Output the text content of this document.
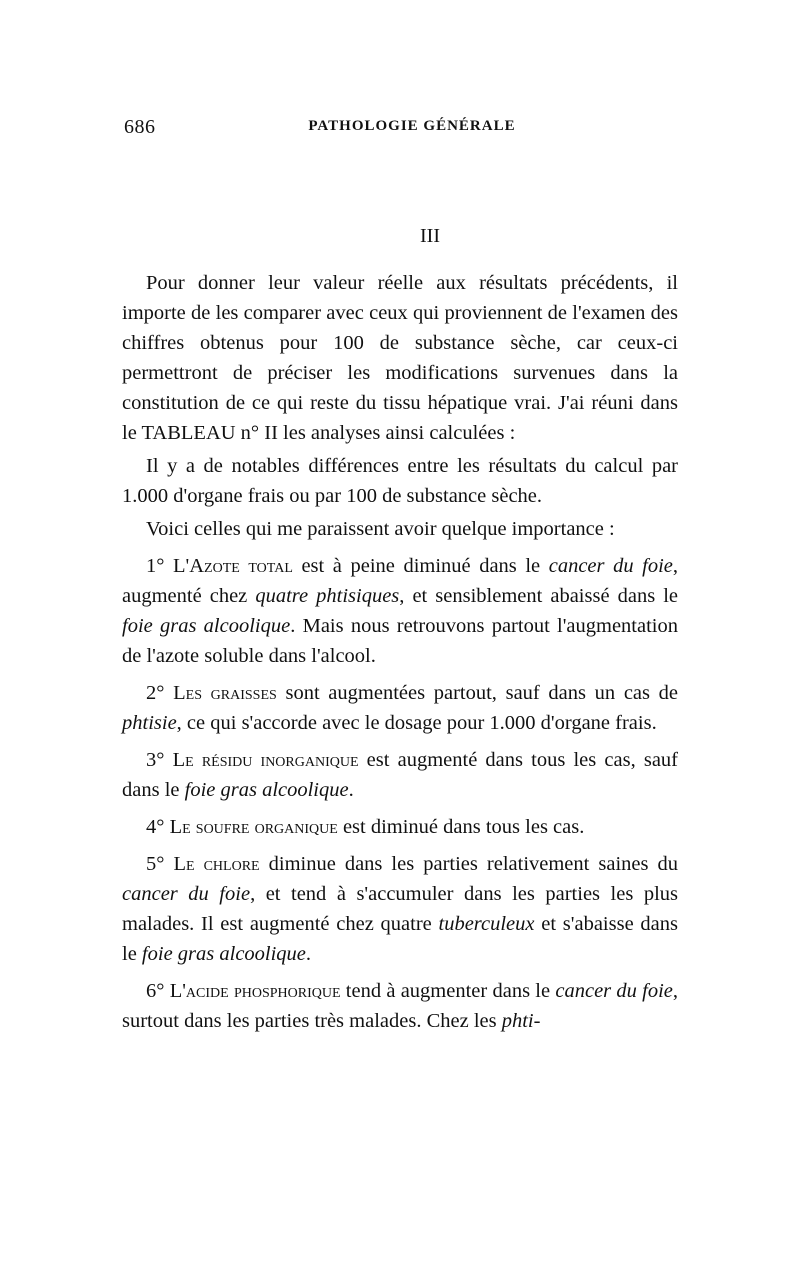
686	PATHOLOGIE GÉNÉRALE
III

Pour donner leur valeur réelle aux résultats précédents, il importe de les comparer avec ceux qui proviennent de l'examen des chiffres obtenus pour 100 de substance sèche, car ceux-ci permettront de préciser les modifications survenues dans la constitution de ce qui reste du tissu hépatique vrai. J'ai réuni dans le TABLEAU n° II les analyses ainsi calculées :

Il y a de notables différences entre les résultats du calcul par 1.000 d'organe frais ou par 100 de substance sèche.

Voici celles qui me paraissent avoir quelque importance :

1° L'Azote total est à peine diminué dans le cancer du foie, augmenté chez quatre phtisiques, et sensiblement abaissé dans le foie gras alcoolique. Mais nous retrouvons partout l'augmentation de l'azote soluble dans l'alcool.

2° Les graisses sont augmentées partout, sauf dans un cas de phtisie, ce qui s'accorde avec le dosage pour 1.000 d'organe frais.

3° Le résidu inorganique est augmenté dans tous les cas, sauf dans le foie gras alcoolique.

4° Le soufre organique est diminué dans tous les cas.

5° Le chlore diminue dans les parties relativement saines du cancer du foie, et tend à s'accumuler dans les parties les plus malades. Il est augmenté chez quatre tuberculeux et s'abaisse dans le foie gras alcoolique.

6° L'acide phosphorique tend à augmenter dans le cancer du foie, surtout dans les parties très malades. Chez les phti-
